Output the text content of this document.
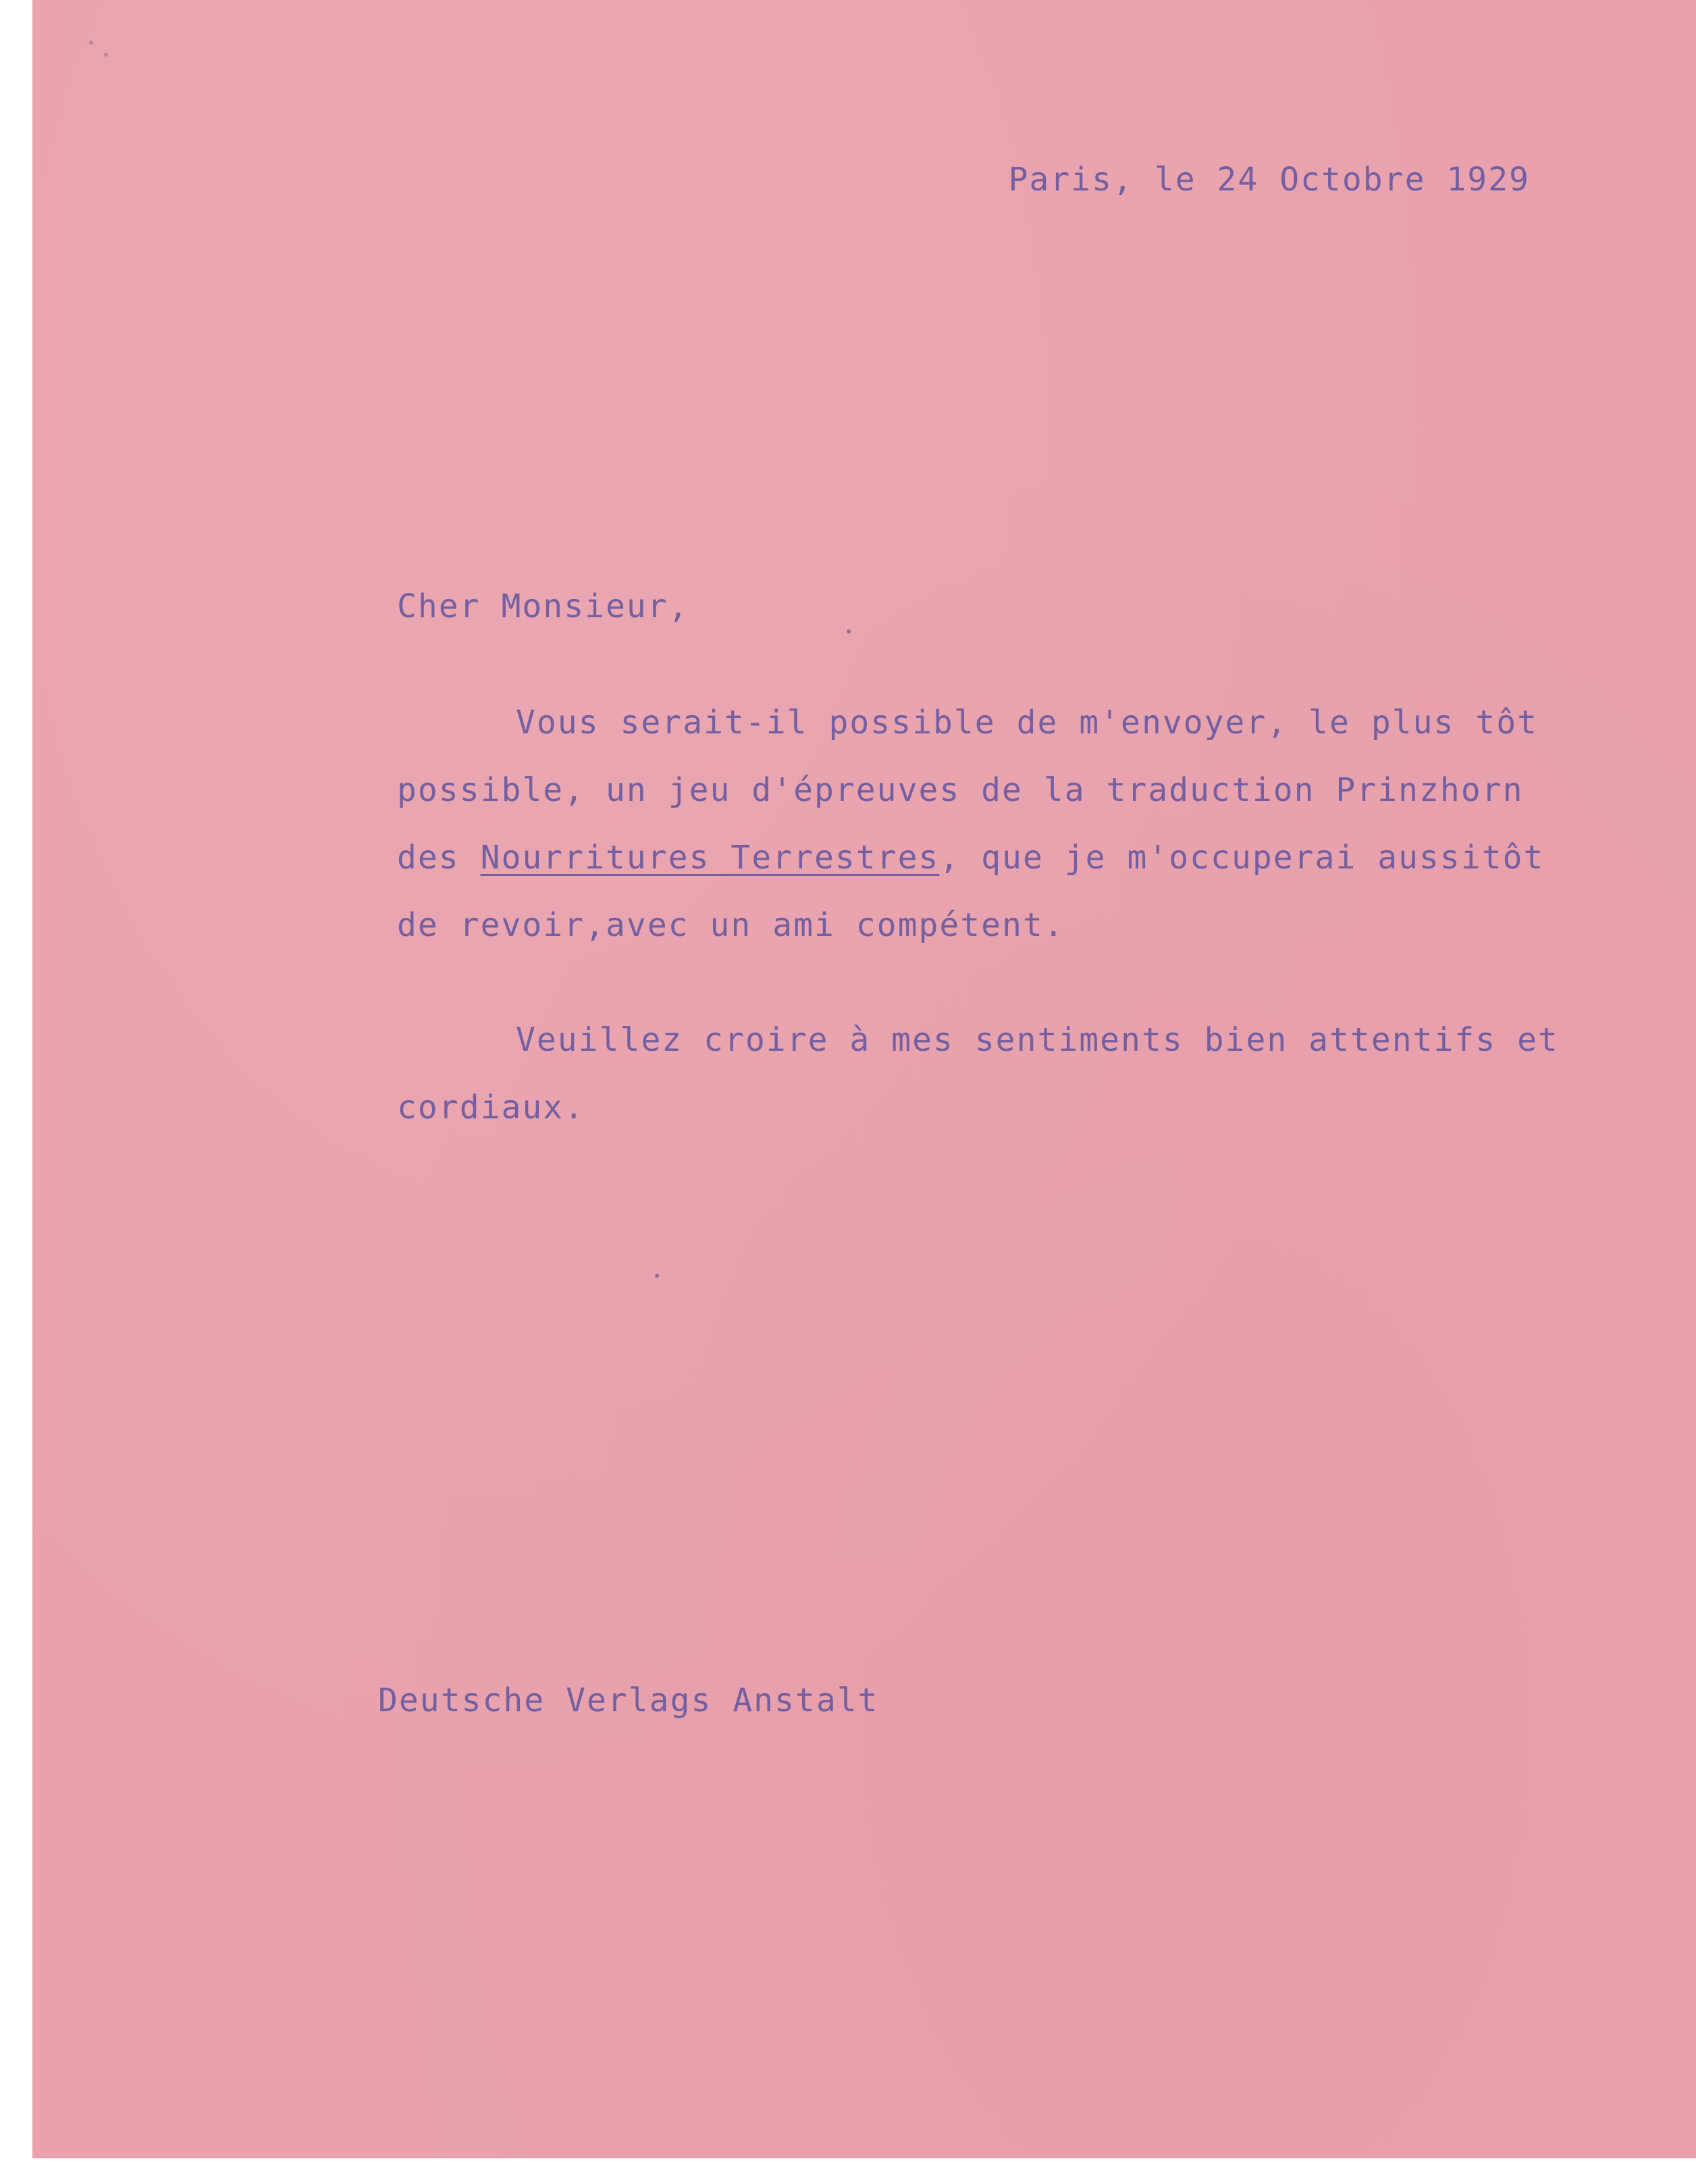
Paris, le 24 Octobre 1929
Cher Monsieur,
Vous serait-il possible de m'envoyer, le plus tôt
possible, un jeu d'épreuves de la traduction Prinzhorn
des Nourritures Terrestres, que je m'occuperai aussitôt
de revoir,avec un ami compétent.
Veuillez croire à mes sentiments bien attentifs et
cordiaux.
Deutsche Verlags Anstalt
